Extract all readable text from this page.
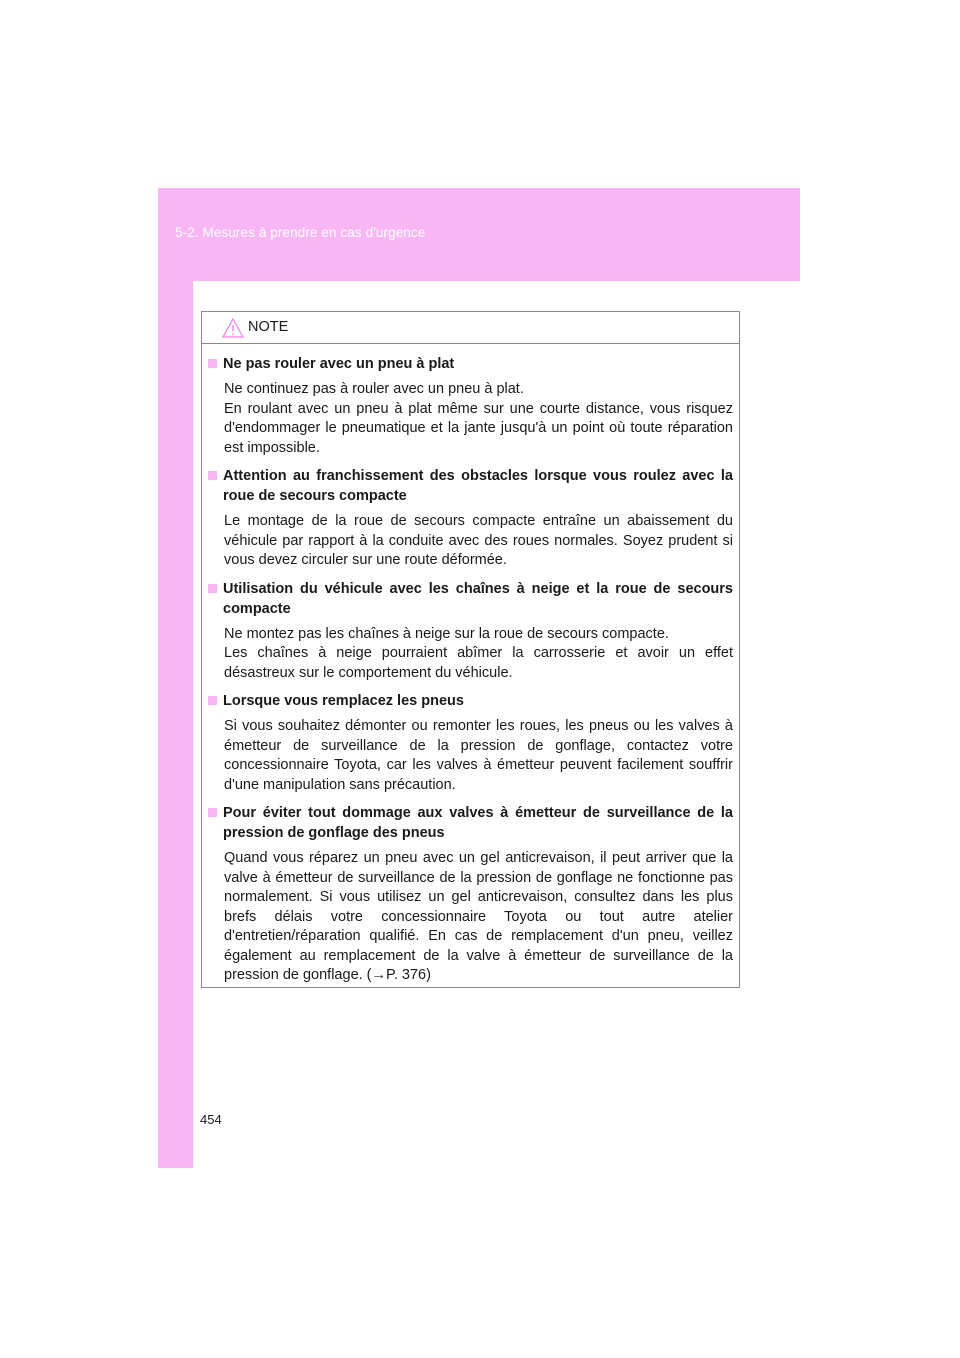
5-2. Mesures à prendre en cas d'urgence
NOTE
Ne pas rouler avec un pneu à plat

Ne continuez pas à rouler avec un pneu à plat.

En roulant avec un pneu à plat même sur une courte distance, vous risquez d'endommager le pneumatique et la jante jusqu'à un point où toute réparation est impossible.

Attention au franchissement des obstacles lorsque vous roulez avec la roue de secours compacte

Le montage de la roue de secours compacte entraîne un abaissement du véhicule par rapport à la conduite avec des roues normales. Soyez prudent si vous devez circuler sur une route déformée.

Utilisation du véhicule avec les chaînes à neige et la roue de secours compacte

Ne montez pas les chaînes à neige sur la roue de secours compacte.

Les chaînes à neige pourraient abîmer la carrosserie et avoir un effet désastreux sur le comportement du véhicule.

Lorsque vous remplacez les pneus

Si vous souhaitez démonter ou remonter les roues, les pneus ou les valves à émetteur de surveillance de la pression de gonflage, contactez votre concessionnaire Toyota, car les valves à émetteur peuvent facilement souffrir d'une manipulation sans précaution.

Pour éviter tout dommage aux valves à émetteur de surveillance de la pression de gonflage des pneus

Quand vous réparez un pneu avec un gel anticrevaison, il peut arriver que la valve à émetteur de surveillance de la pression de gonflage ne fonctionne pas normalement. Si vous utilisez un gel anticrevaison, consultez dans les plus brefs délais votre concessionnaire Toyota ou tout autre atelier d'entretien/réparation qualifié. En cas de remplacement d'un pneu, veillez également au remplacement de la valve à émetteur de surveillance de la pression de gonflage. (→P. 376)

454
